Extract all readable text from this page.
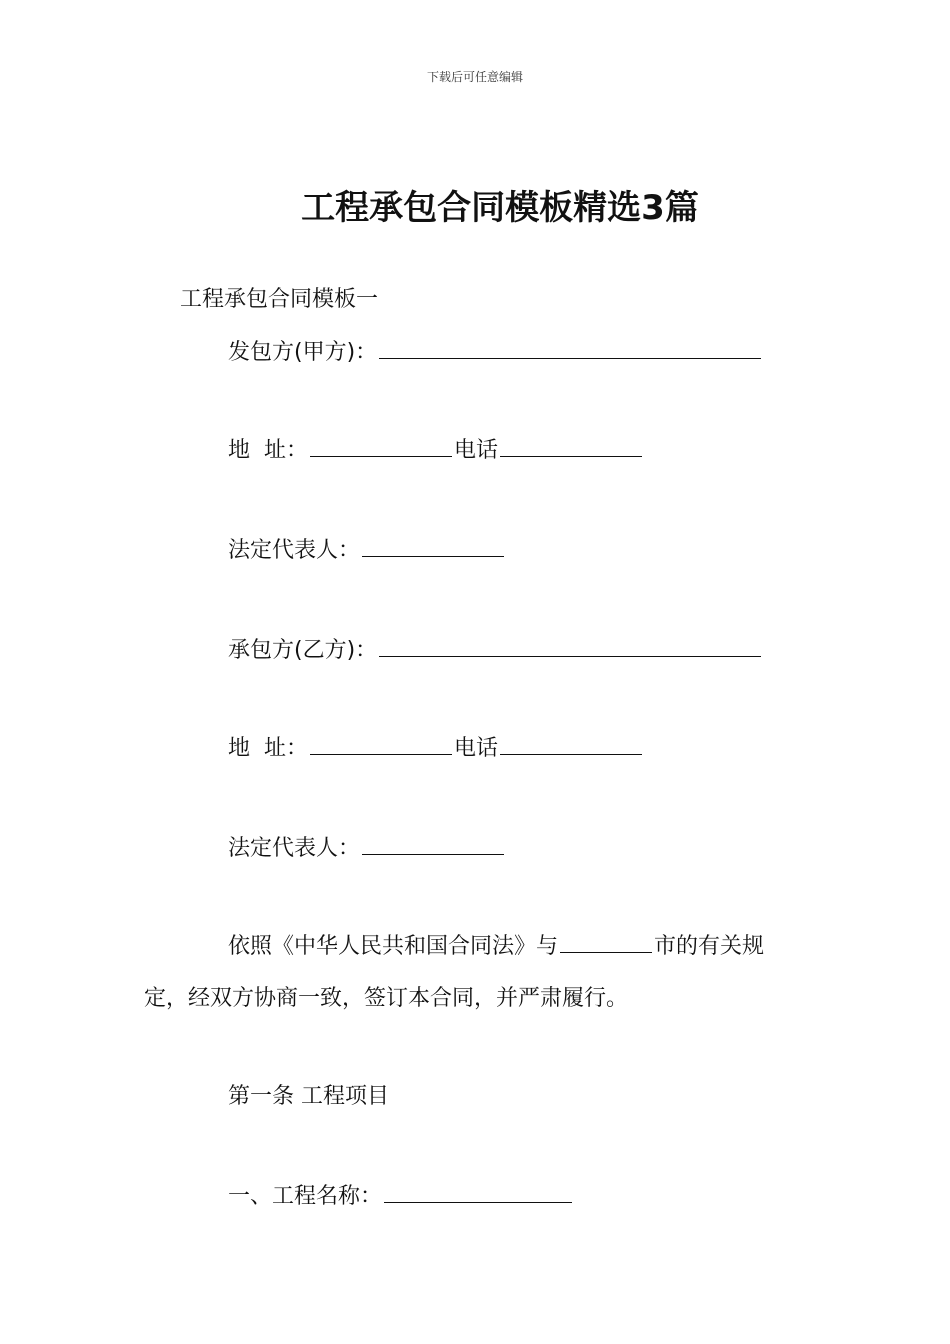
下载后可任意编辑
工程承包合同模板精选3篇
工程承包合同模板一
发包方(甲方)：
地  址：	电话
法定代表人：
承包方(乙方)：
地  址：	电话
法定代表人：
依照《中华人民共和国合同法》与	市的有关规
定，经双方协商一致，签订本合同，并严肃履行。
第一条 工程项目
一、工程名称：
